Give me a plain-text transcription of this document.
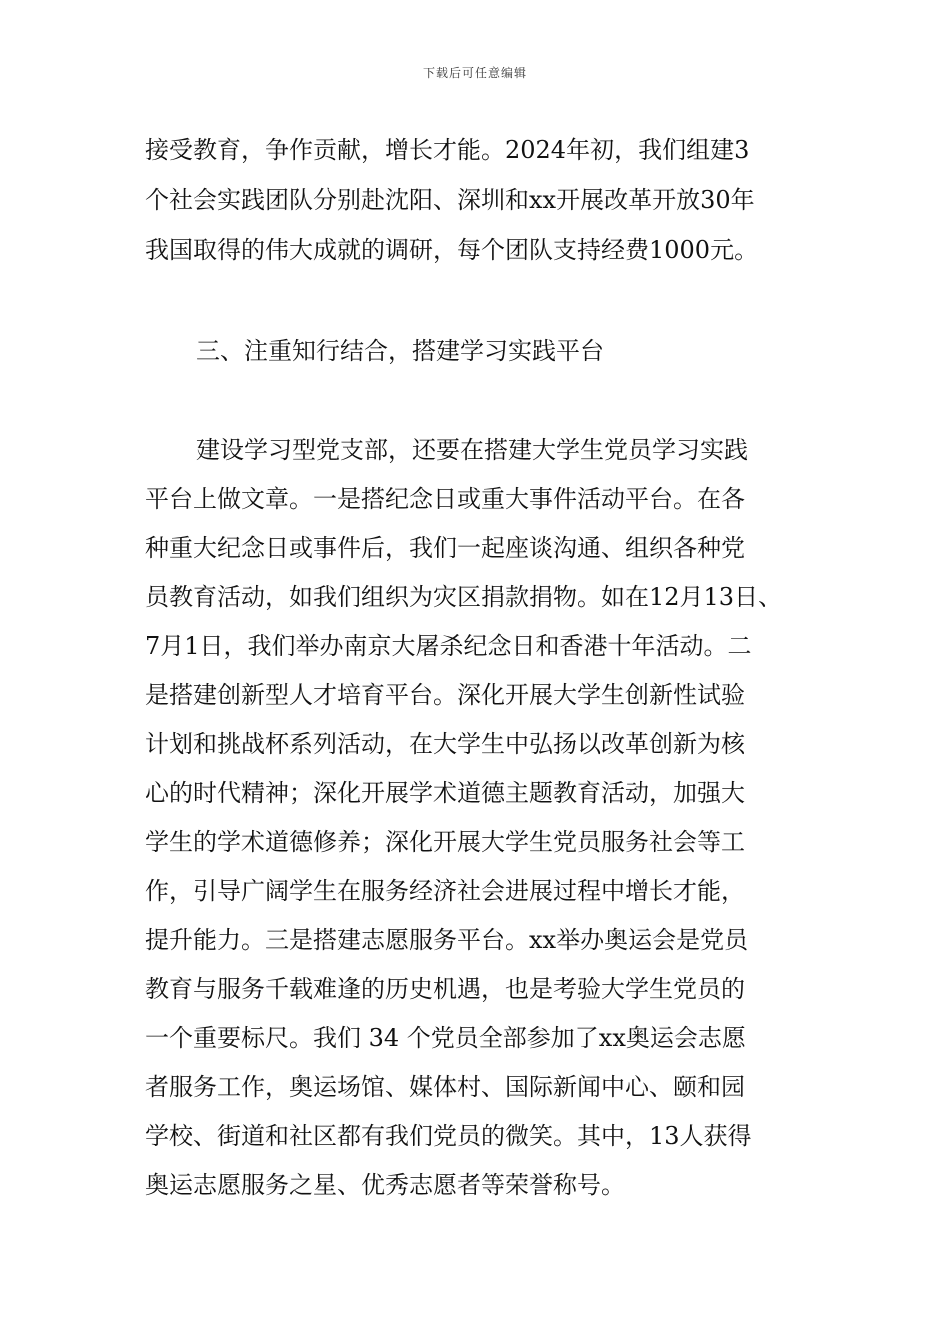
下载后可任意编辑
接受教育，争作贡献，增长才能。2024年初，我们组建3
个社会实践团队分别赴沈阳、深圳和xx开展改革开放30年
我国取得的伟大成就的调研，每个团队支持经费1000元。
三、注重知行结合，搭建学习实践平台
建设学习型党支部，还要在搭建大学生党员学习实践
平台上做文章。一是搭纪念日或重大事件活动平台。在各
种重大纪念日或事件后，我们一起座谈沟通、组织各种党
员教育活动，如我们组织为灾区捐款捐物。如在12月13日、
7月1日，我们举办南京大屠杀纪念日和香港十年活动。二
是搭建创新型人才培育平台。深化开展大学生创新性试验
计划和挑战杯系列活动，在大学生中弘扬以改革创新为核
心的时代精神；深化开展学术道德主题教育活动，加强大
学生的学术道德修养；深化开展大学生党员服务社会等工
作，引导广阔学生在服务经济社会进展过程中增长才能，
提升能力。三是搭建志愿服务平台。xx举办奥运会是党员
教育与服务千载难逢的历史机遇，也是考验大学生党员的
一个重要标尺。我们 34 个党员全部参加了xx奥运会志愿
者服务工作，奥运场馆、媒体村、国际新闻中心、颐和园
学校、街道和社区都有我们党员的微笑。其中，13人获得
奥运志愿服务之星、优秀志愿者等荣誉称号。
